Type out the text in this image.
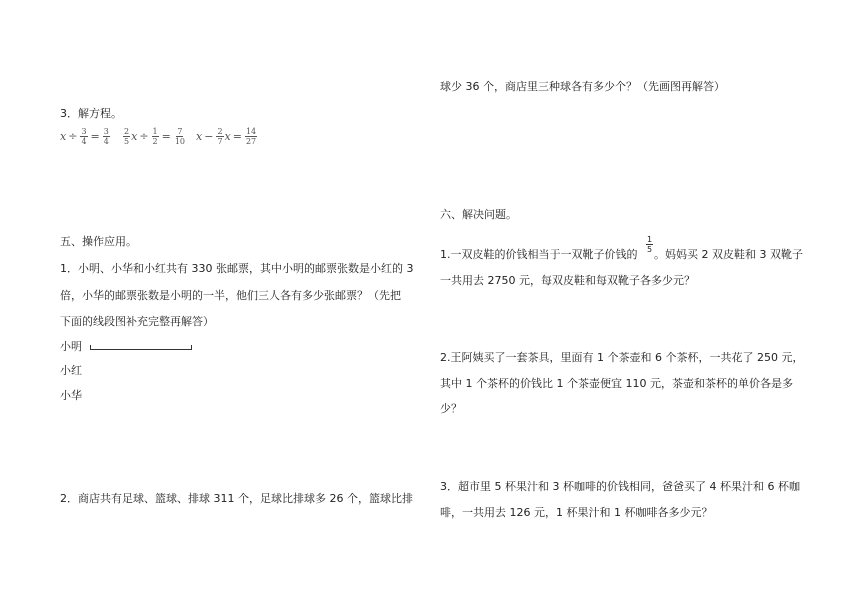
球少 36 个，商店里三种球各有多少个？（先画图再解答）
3．解方程。
$x \div \frac{3}{4} = \frac{3}{4} \frac{2}{5}$ $x \div \frac{1}{2} = \frac{7}{10}$ $x - \frac{2}{7}$ $x = \frac{14}{27}$
五、操作应用。
1．小明、小华和小红共有 330 张邮票，其中小明的邮票张数是小红的 3
倍，小华的邮票张数是小明的一半，他们三人各有多少张邮票？（先把
下面的线段图补充完整再解答）
小明
小红
小华
2．商店共有足球、篮球、排球 311 个，足球比排球多 26 个，篮球比排
六、解决问题。
1.一双皮鞋的价钱相当于一双靴子价钱的
$\frac{1}{5}$
。妈妈买 2 双皮鞋和 3 双靴子
一共用去 2750 元，每双皮鞋和每双靴子各多少元？
2.王阿姨买了一套茶具，里面有 1 个茶壶和 6 个茶杯，一共花了 250 元，
其中 1 个茶杯的价钱比 1 个茶壶便宜 110 元，茶壶和茶杯的单价各是多
少？
3．超市里 5 杯果汁和 3 杯咖啡的价钱相同，爸爸买了 4 杯果汁和 6 杯咖
啡，一共用去 126 元，1 杯果汁和 1 杯咖啡各多少元？
